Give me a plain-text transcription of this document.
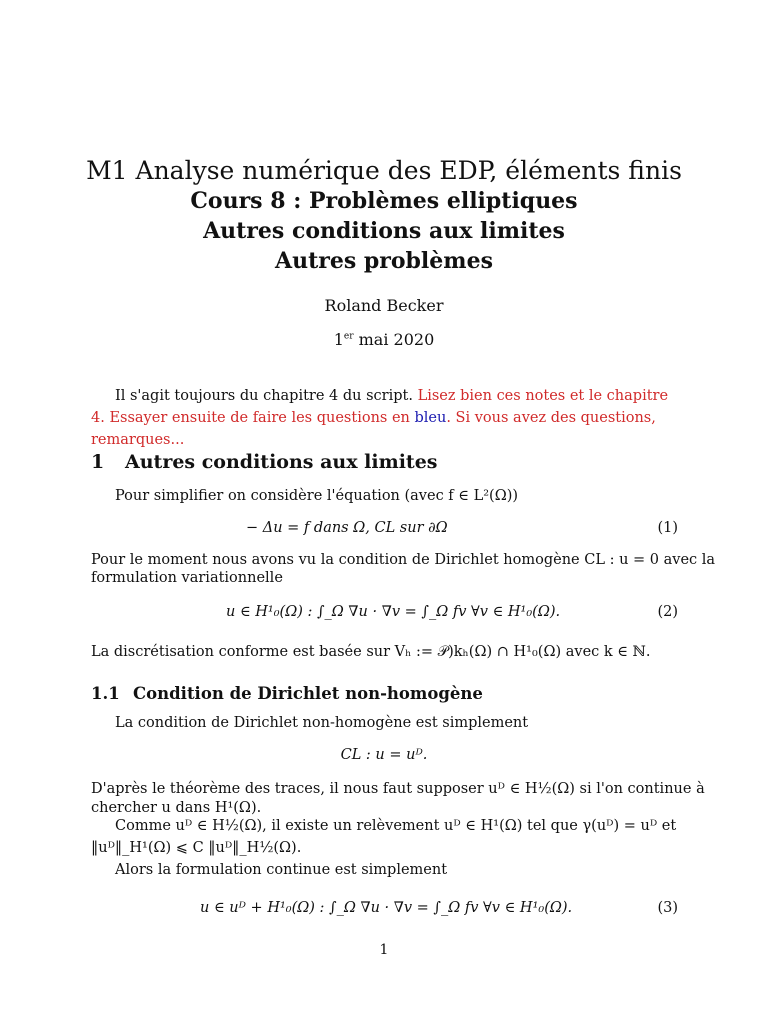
M1 Analyse numérique des EDP, éléments finis
Cours 8 : Problèmes elliptiques
Autres conditions aux limites
Autres problèmes
Roland Becker
1er mai 2020
Il s'agit toujours du chapitre 4 du script. Lisez bien ces notes et le chapitre 4. Essayer ensuite de faire les questions en bleu. Si vous avez des questions, remarques...
1 Autres conditions aux limites
Pour simplifier on considère l'équation (avec f ∈ L²(Ω))
− Δu = f dans Ω, CL sur ∂Ω	(1)
Pour le moment nous avons vu la condition de Dirichlet homogène CL : u = 0 avec la
formulation variationnelle
u ∈ H¹₀(Ω) : ∫_Ω ∇u · ∇v = ∫_Ω fv ∀v ∈ H¹₀(Ω).	(2)
La discrétisation conforme est basée sur Vₕ := 𝒫)kₕ(Ω) ∩ H¹₀(Ω) avec k ∈ ℕ.
1.1 Condition de Dirichlet non-homogène
La condition de Dirichlet non-homogène est simplement
CL : u = uᴰ.
D'après le théorème des traces, il nous faut supposer uᴰ ∈ H½(Ω) si l'on continue à
chercher u dans H¹(Ω).
Comme uᴰ ∈ H½(Ω), il existe un relèvement uᴰ ∈ H¹(Ω) tel que γ(uᴰ) = uᴰ et
‖uᴰ‖_H¹(Ω) ⩽ C ‖uᴰ‖_H½(Ω).
Alors la formulation continue est simplement
u ∈ uᴰ + H¹₀(Ω) : ∫_Ω ∇u · ∇v = ∫_Ω fv ∀v ∈ H¹₀(Ω).	(3)
1
